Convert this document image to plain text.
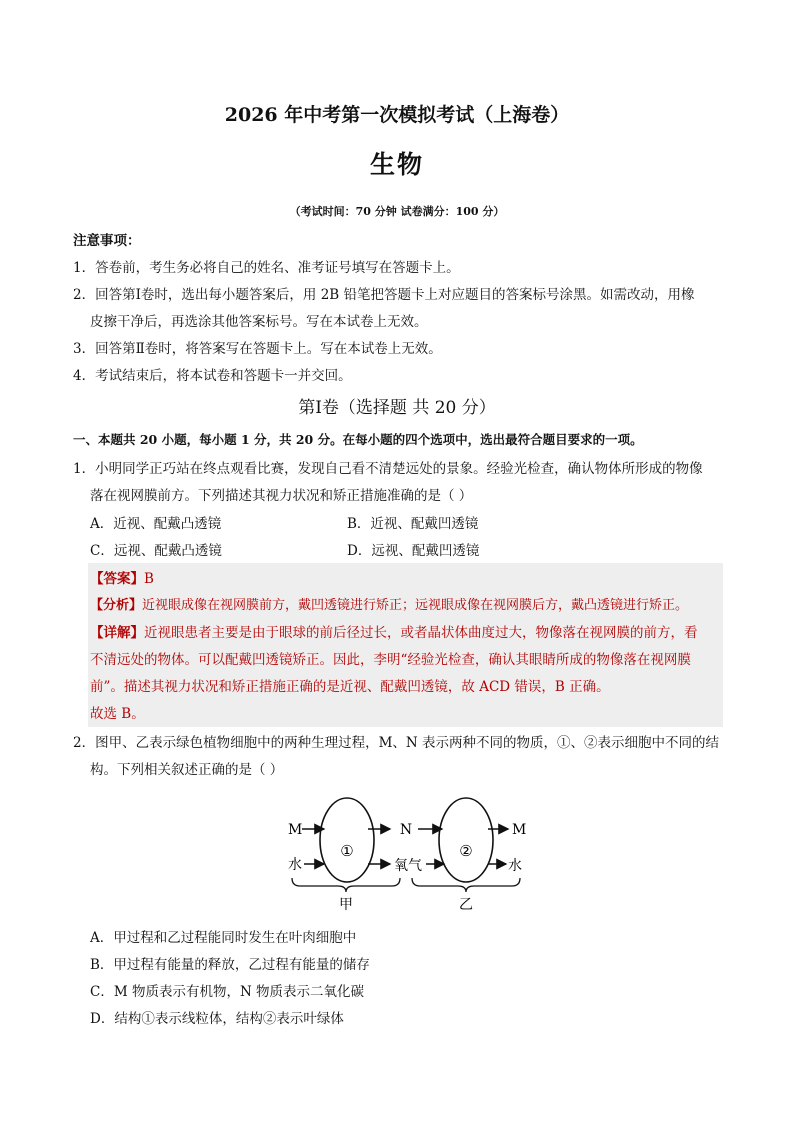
2026 年中考第一次模拟考试（上海卷）
生物
（考试时间：70 分钟 试卷满分：100 分）
注意事项：
1．答卷前，考生务必将自己的姓名、准考证号填写在答题卡上。
2．回答第Ⅰ卷时，选出每小题答案后，用 2B 铅笔把答题卡上对应题目的答案标号涂黑。如需改动，用橡
皮擦干净后，再选涂其他答案标号。写在本试卷上无效。
3．回答第Ⅱ卷时，将答案写在答题卡上。写在本试卷上无效。
4．考试结束后，将本试卷和答题卡一并交回。
第Ⅰ卷（选择题 共 20 分）
一、本题共 20 小题，每小题 1 分，共 20 分。在每小题的四个选项中，选出最符合题目要求的一项。
1．小明同学正巧站在终点观看比赛，发现自己看不清楚远处的景象。经验光检查，确认物体所形成的物像
落在视网膜前方。下列描述其视力状况和矫正措施准确的是（ ）
A．近视、配戴凸透镜	B．近视、配戴凹透镜
C．远视、配戴凸透镜	D．远视、配戴凹透镜
【答案】B
【分析】近视眼成像在视网膜前方，戴凹透镜进行矫正；远视眼成像在视网膜后方，戴凸透镜进行矫正。
【详解】近视眼患者主要是由于眼球的前后径过长，或者晶状体曲度过大，物像落在视网膜的前方，看
不清远处的物体。可以配戴凹透镜矫正。因此，李明“经验光检查，确认其眼睛所成的物像落在视网膜
前”。描述其视力状况和矫正措施正确的是近视、配戴凹透镜，故 ACD 错误，B 正确。
故选 B。
2．图甲、乙表示绿色植物细胞中的两种生理过程，M、N 表示两种不同的物质，①、②表示细胞中不同的结
构。下列相关叙述正确的是（ ）
M
水
①	②
N
氧气
M
水
甲	乙
A．甲过程和乙过程能同时发生在叶肉细胞中
B．甲过程有能量的释放，乙过程有能量的储存
C．M 物质表示有机物，N 物质表示二氧化碳
D．结构①表示线粒体，结构②表示叶绿体
